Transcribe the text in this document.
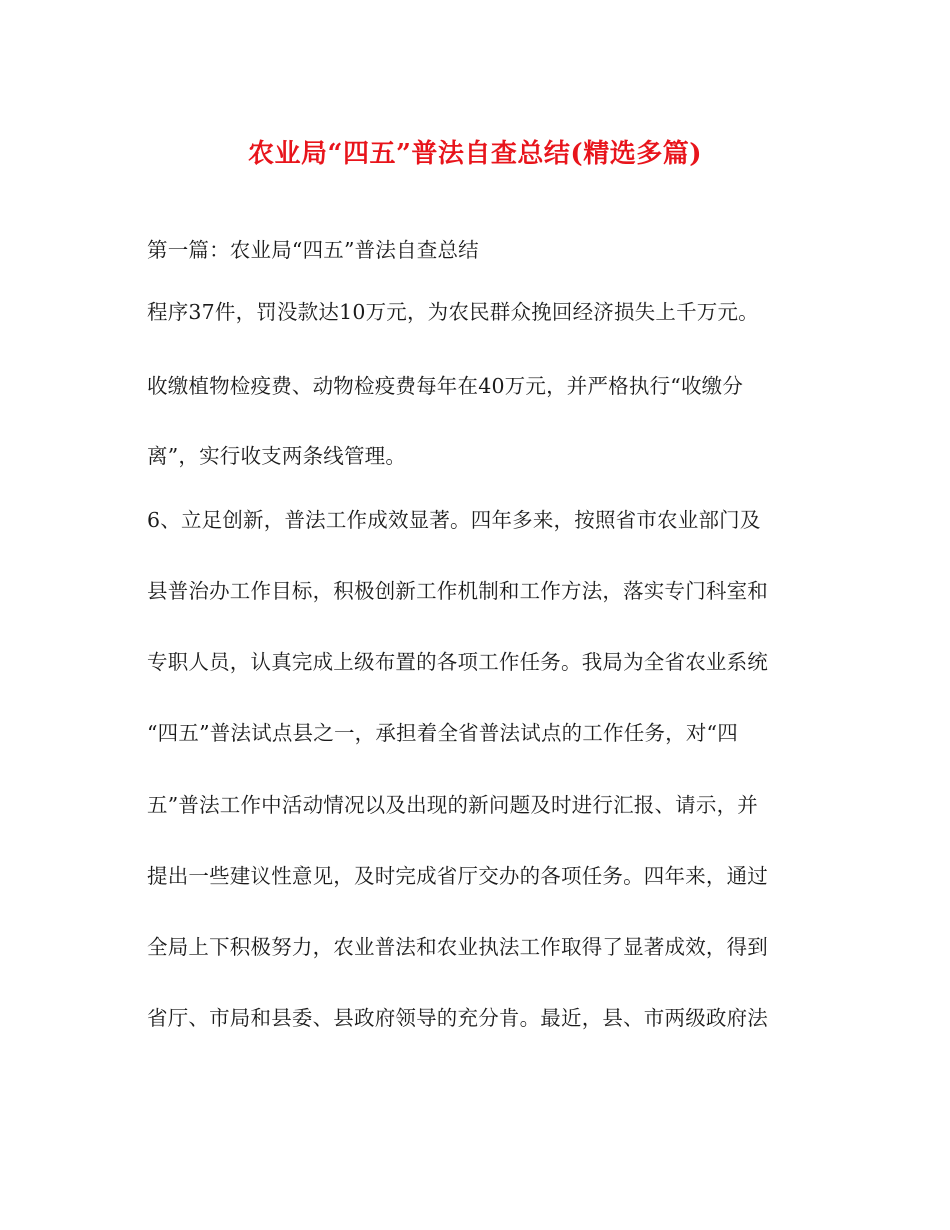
农业局“四五”普法自查总结(精选多篇)
第一篇：农业局“四五”普法自查总结
程序37件，罚没款达10万元，为农民群众挽回经济损失上千万元。
收缴植物检疫费、动物检疫费每年在40万元，并严格执行“收缴分
离”，实行收支两条线管理。
6、立足创新，普法工作成效显著。四年多来，按照省市农业部门及
县普治办工作目标，积极创新工作机制和工作方法，落实专门科室和
专职人员，认真完成上级布置的各项工作任务。我局为全省农业系统
“四五”普法试点县之一，承担着全省普法试点的工作任务，对“四
五”普法工作中活动情况以及出现的新问题及时进行汇报、请示，并
提出一些建议性意见，及时完成省厅交办的各项任务。四年来，通过
全局上下积极努力，农业普法和农业执法工作取得了显著成效，得到
省厅、市局和县委、县政府领导的充分肯。最近，县、市两级政府法
